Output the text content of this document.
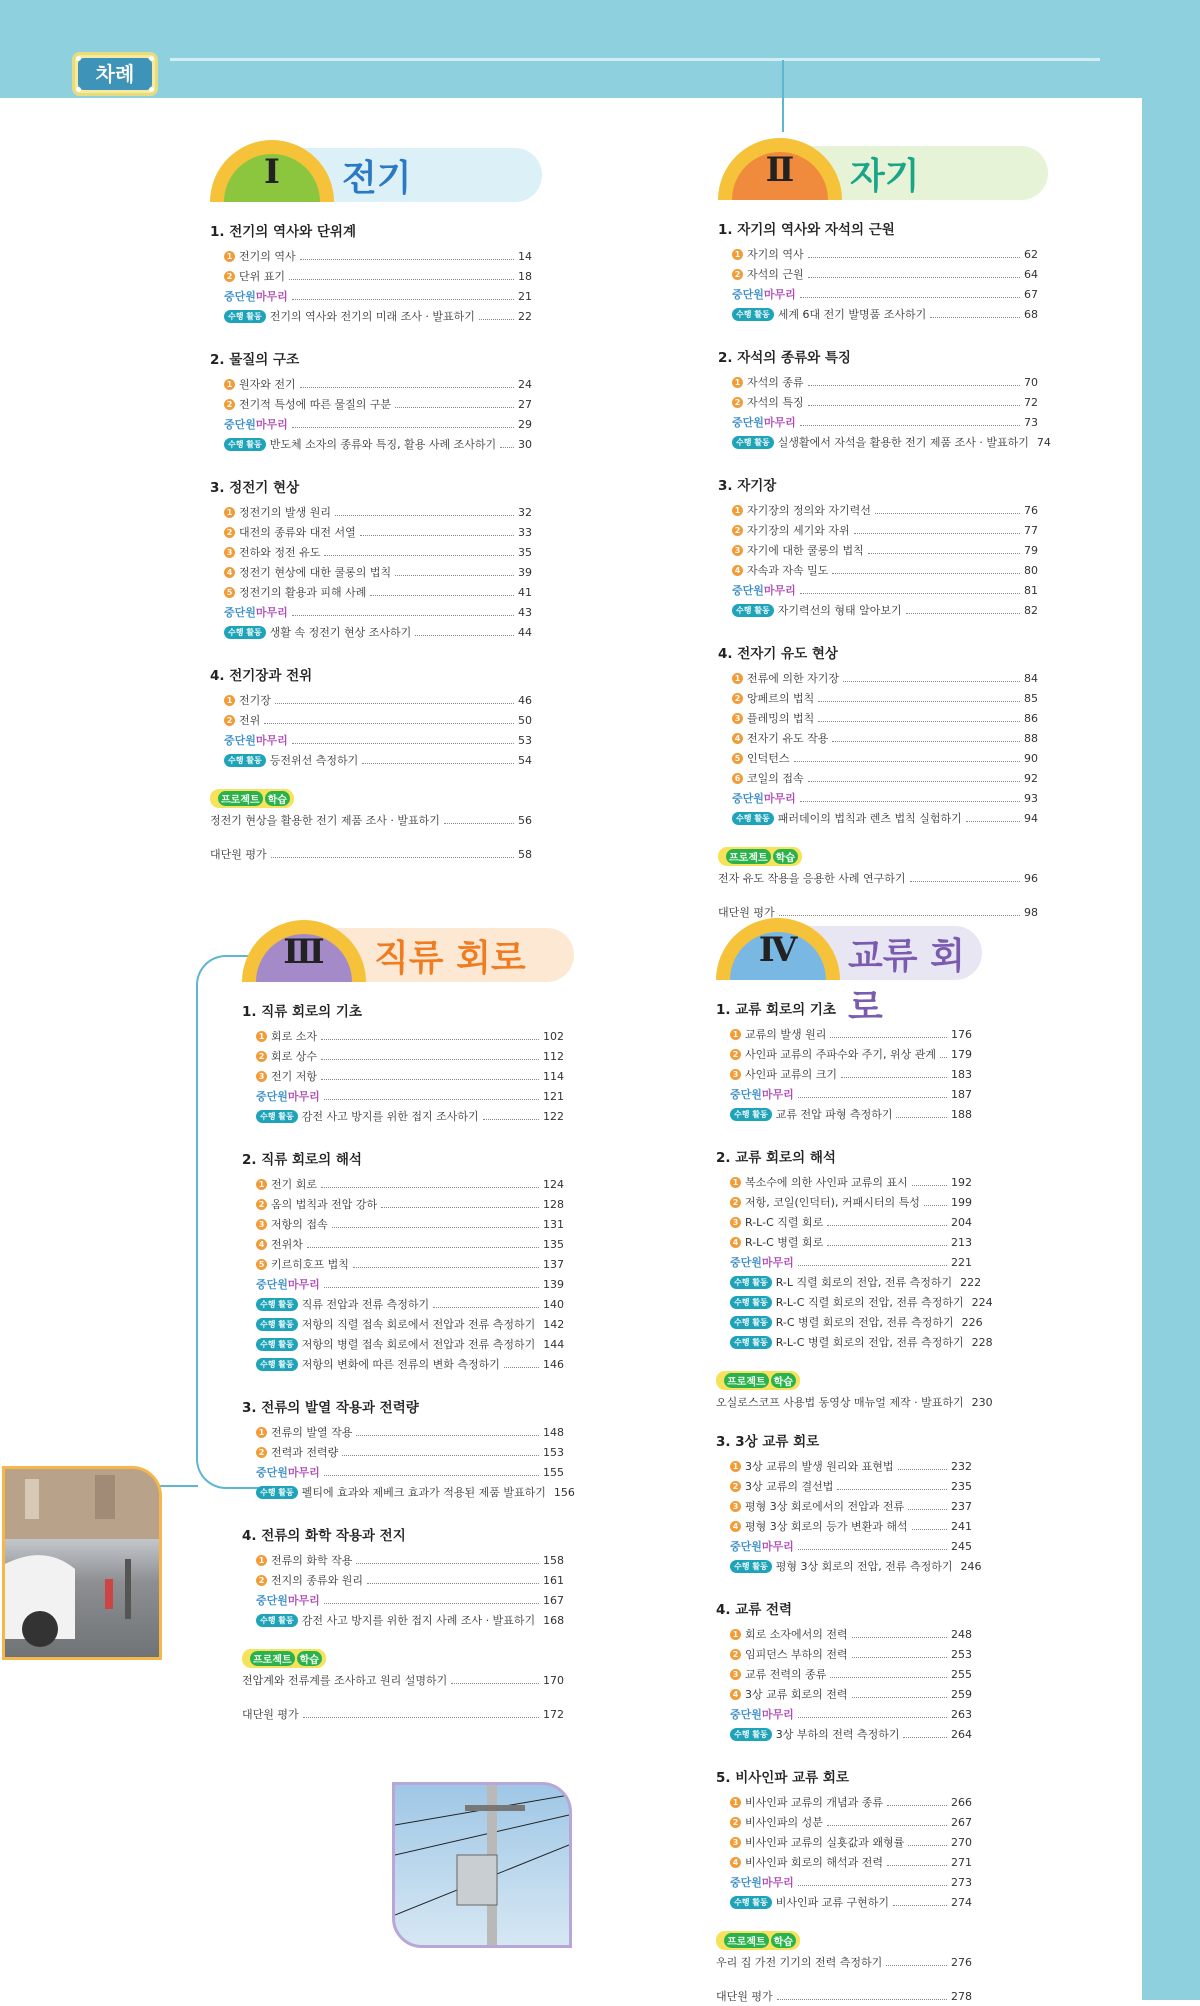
차례
Ⅰ	전기
1. 전기의 역사와 단위계
1 전기의 역사	14
2 단위 표기	18
중단원마무리	21
수행 활동 전기의 역사와 전기의 미래 조사 · 발표하기	22
2. 물질의 구조
1 원자와 전기	24
2 전기적 특성에 따른 물질의 구분	27
중단원마무리	29
수행 활동 반도체 소자의 종류와 특징, 활용 사례 조사하기 30
3. 정전기 현상
1 정전기의 발생 원리	32
2 대전의 종류와 대전 서열	33
3 전하와 정전 유도	35
4 정전기 현상에 대한 쿨롱의 법칙	39
5 정전기의 활용과 피해 사례	41
중단원마무리	43
수행 활동 생활 속 정전기 현상 조사하기	44
4. 전기장과 전위
1 전기장	46
2 전위	50
중단원마무리	53
수행 활동 등전위선 측정하기	54
프로젝트 학습
정전기 현상을 활용한 전기 제품 조사 · 발표하기	56
대단원 평가	58
Ⅱ	자기
1. 자기의 역사와 자석의 근원
1 자기의 역사	62
2 자석의 근원	64
중단원마무리	67
수행 활동 세계 6대 전기 발명품 조사하기	68
2. 자석의 종류와 특징
1 자석의 종류	70
2 자석의 특징	72
중단원마무리	73
수행 활동 실생활에서 자석을 활용한 전기 제품 조사 · 발표하기 74
3. 자기장
1 자기장의 정의와 자기력선	76
2 자기장의 세기와 자위	77
3 자기에 대한 쿨롱의 법칙	79
4 자속과 자속 밀도	80
중단원마무리	81
수행 활동 자기력선의 형태 알아보기	82
4. 전자기 유도 현상
1 전류에 의한 자기장	84
2 앙페르의 법칙	85
3 플레밍의 법칙	86
4 전자기 유도 작용	88
5 인덕턴스	90
6 코일의 접속	92
중단원마무리	93
수행 활동 패러데이의 법칙과 렌츠 법칙 실험하기	94
프로젝트 학습
전자 유도 작용을 응용한 사례 연구하기	96
대단원 평가	98
Ⅲ	직류 회로
1. 직류 회로의 기초
1 회로 소자	102
2 회로 상수	112
3 전기 저항	114
중단원마무리	121
수행 활동 감전 사고 방지를 위한 접지 조사하기	122
2. 직류 회로의 해석
1 전기 회로	124
2 옴의 법칙과 전압 강하	128
3 저항의 접속	131
4 전위차	135
5 키르히호프 법칙	137
중단원마무리	139
수행 활동 직류 전압과 전류 측정하기	140
수행 활동 저항의 직렬 접속 회로에서 전압과 전류 측정하기 142
수행 활동 저항의 병렬 접속 회로에서 전압과 전류 측정하기 144
수행 활동 저항의 변화에 따른 전류의 변화 측정하기	146
3. 전류의 발열 작용과 전력량
1 전류의 발열 작용	148
2 전력과 전력량	153
중단원마무리	155
수행 활동 펠티에 효과와 제베크 효과가 적용된 제품 발표하기 156
4. 전류의 화학 작용과 전지
1 전류의 화학 작용	158
2 전지의 종류와 원리	161
중단원마무리	167
수행 활동 감전 사고 방지를 위한 접지 사례 조사 · 발표하기 168
프로젝트 학습
전압계와 전류계를 조사하고 원리 설명하기	170
대단원 평가	172
Ⅳ	교류 회로
1. 교류 회로의 기초
1 교류의 발생 원리	176
2 사인파 교류의 주파수와 주기, 위상 관계 179
3 사인파 교류의 크기	183
중단원마무리	187
수행 활동 교류 전압 파형 측정하기	188
2. 교류 회로의 해석
1 복소수에 의한 사인파 교류의 표시	192
2 저항, 코일(인덕터), 커패시터의 특성	199
3 R-L-C 직렬 회로	204
4 R-L-C 병렬 회로	213
중단원마무리	221
수행 활동 R-L 직렬 회로의 전압, 전류 측정하기 222
수행 활동 R-L-C 직렬 회로의 전압, 전류 측정하기 224
수행 활동 R-C 병렬 회로의 전압, 전류 측정하기 226
수행 활동 R-L-C 병렬 회로의 전압, 전류 측정하기 228
프로젝트 학습
오실로스코프 사용법 동영상 매뉴얼 제작 · 발표하기 230
3. 3상 교류 회로
1 3상 교류의 발생 원리와 표현법	232
2 3상 교류의 결선법	235
3 평형 3상 회로에서의 전압과 전류	237
4 평형 3상 회로의 등가 변환과 해석	241
중단원마무리	245
수행 활동 평형 3상 회로의 전압, 전류 측정하기 246
4. 교류 전력
1 회로 소자에서의 전력	248
2 임피던스 부하의 전력	253
3 교류 전력의 종류	255
4 3상 교류 회로의 전력	259
중단원마무리	263
수행 활동 3상 부하의 전력 측정하기	264
5. 비사인파 교류 회로
1 비사인파 교류의 개념과 종류	266
2 비사인파의 성분	267
3 비사인파 교류의 실횻값과 왜형률	270
4 비사인파 회로의 해석과 전력	271
중단원마무리	273
수행 활동 비사인파 교류 구현하기	274
프로젝트 학습
우리 집 가전 기기의 전력 측정하기	276
대단원 평가	278
